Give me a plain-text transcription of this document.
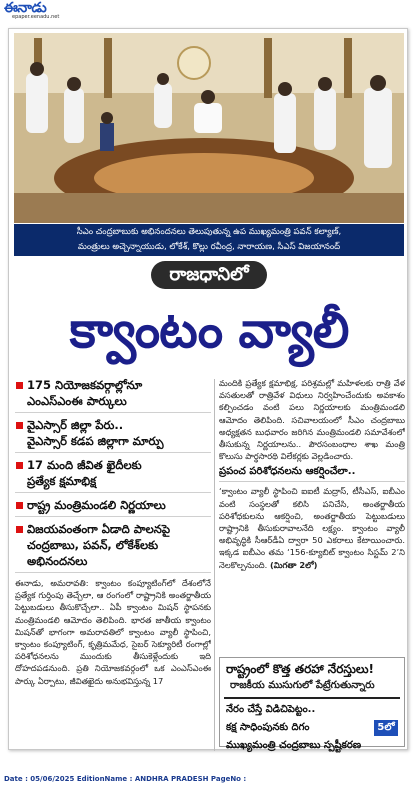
ఈనాడు
epaper.eenadu.net
సీఎం చంద్రబాబుకు అభినందనలు తెలుపుతున్న ఉప ముఖ్యమంత్రి పవన్ కల్యాణ్,
మంత్రులు అచ్చెన్నాయుడు, లోకేశ్, కొల్లు రవీంద్ర, నారాయణ, సీఎస్ విజయానంద్
రాజధానిలో
క్వాంటం వ్యాలీ
175 నియోజకవర్గాల్లోనూ
ఎంఎస్ఎంఈ పార్కులు
వైఎస్సార్ జిల్లా పేరు..
వైఎస్సార్ కడప జిల్లాగా మార్పు
17 మంది జీవిత ఖైదీలకు
ప్రత్యేక క్షమాభిక్ష
రాష్ట్ర మంత్రిమండలి నిర్ణయాలు
విజయవంతంగా ఏడాది పాలనపై
చంద్రబాబు, పవన్, లోకేశ్‌లకు అభినందనలు

ఈనాడు, అమరావతి: క్వాంటం కంప్యూటింగ్‌లో దేశంలోనే ప్రత్యేక గుర్తింపు తెచ్చేలా, ఆ రంగంలో రాష్ట్రానికి అంతర్జాతీయ పెట్టుబడులు తీసుకొచ్చేలా.. ఏపీ క్వాంటం మిషన్ స్థాపనకు మంత్రిమండలి ఆమోదం తెలిపింది. భారత జాతీయ క్వాంటం మిషన్‌తో భాగంగా అమరావతిలో క్వాంటం వ్యాలీ స్థాపించి, క్వాంటం కంప్యూటింగ్, కృత్రిమమేధ, సైబర్ సెక్యూరిటీ రంగాల్లో పరిశోధనలను ముందుకు తీసుకెళ్లేందుకు ఇది దోహదపడనుంది. ప్రతి నియోజకవర్గంలో ఒక ఎంఎస్ఎంఈ పార్కు ఏర్పాటు, జీవితఖైదు అనుభవిస్తున్న 17

మందికి ప్రత్యేక క్షమాభిక్ష, పరిశ్రమల్లో మహిళలకు రాత్రి వేళ వసతులతో రాత్రివేళ విధులు నిర్వహించేందుకు అవకాశం కల్పించడం వంటి పలు నిర్ణయాలకు మంత్రిమండలి ఆమోదం తెలిపింది. సచివాలయంలో సీఎం చంద్రబాబు అధ్యక్షతన బుధవారం జరిగిన మంత్రిమండలి సమావేశంలో తీసుకున్న నిర్ణయాలను.. పౌరసంబంధాల శాఖ మంత్రి కొలుసు పార్థసారథి విలేకర్లకు వెల్లడించారు.

ప్రపంచ పరిశోధనలను ఆకర్షించేలా..

‘క్వాంటం వ్యాలీ స్థాపించి ఐఐటీ మద్రాస్, టీసీఎస్, ఐబీఎం వంటి సంస్థలతో కలిసి పనిచేసి, అంతర్జాతీయ పరిశోధకులను ఆకర్షించి, అంతర్జాతీయ పెట్టుబడులు రాష్ట్రానికి తీసుకురావాలనేది లక్ష్యం. క్వాంటం వ్యాలీ అభివృద్ధికి సీఆర్‌డీఏ ద్వారా 50 ఎకరాలు కేటాయించారు. ఇక్కడ ఐబీఎం తమ ‘156-క్యూబిట్ క్వాంటం సిస్టమ్ 2’ని నెలకొల్పనుంది. (మిగతా 2లో)

రాష్ట్రంలో కొత్త తరహా నేరస్తులు!
రాజకీయ ముసుగులో పేట్రేగుతున్నారు
నేరం చేస్తే విడిచిపెట్టం..
కక్ష సాధింపునకు దిగం
ముఖ్యమంత్రి చంద్రబాబు స్పష్టీకరణ
5లో
Date : 05/06/2025 EditionName : ANDHRA PRADESH PageNo :
